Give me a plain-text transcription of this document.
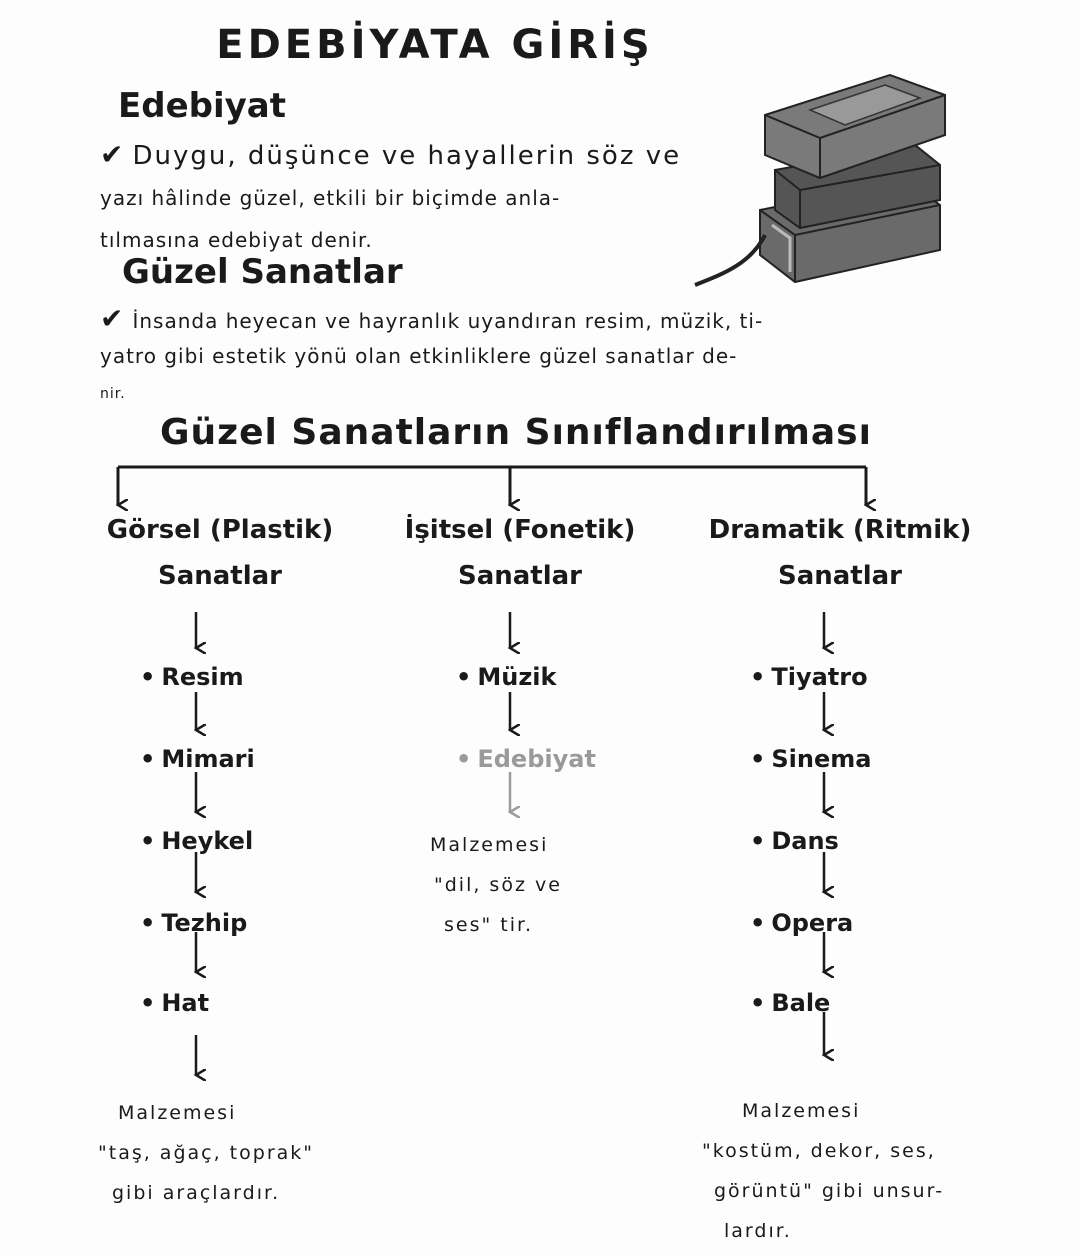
EDEBİYATA GİRİŞ
Edebiyat
✔ Duygu, düşünce ve hayallerin söz ve
yazı hâlinde güzel, etkili bir biçimde anla-
tılmasına edebiyat denir.
Güzel Sanatlar
✔ İnsanda heyecan ve hayranlık uyandıran resim, müzik, ti-
yatro gibi estetik yönü olan etkinliklere güzel sanatlar de-
nir.
Güzel Sanatların Sınıflandırılması
Görsel (Plastik)
Sanatlar
• Resim
• Mimari
• Heykel
• Tezhip
• Hat
Malzemesi
"taş, ağaç, toprak"
gibi araçlardır.
İşitsel (Fonetik)
Sanatlar
• Müzik
• Edebiyat
Malzemesi
"dil, söz ve
ses" tir.
Dramatik (Ritmik)
Sanatlar
• Tiyatro
• Sinema
• Dans
• Opera
• Bale
Malzemesi
"kostüm, dekor, ses,
görüntü" gibi unsur-
lardır.
